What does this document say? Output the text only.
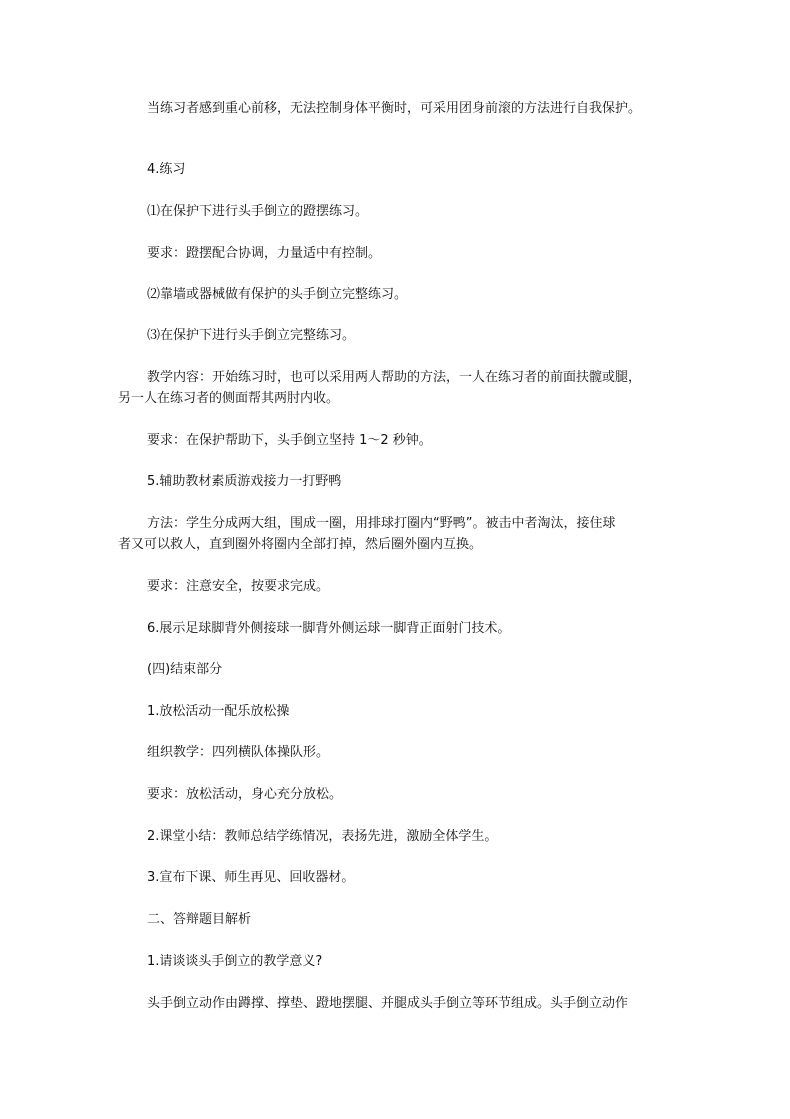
当练习者感到重心前移，无法控制身体平衡时，可采用团身前滚的方法进行自我保护。
4.练习
⑴在保护下进行头手倒立的蹬摆练习。
要求：蹬摆配合协调，力量适中有控制。
⑵靠墙或器械做有保护的头手倒立完整练习。
⑶在保护下进行头手倒立完整练习。
教学内容：开始练习时，也可以采用两人帮助的方法，一人在练习者的前面扶髋或腿，
另一人在练习者的侧面帮其两肘内收。
要求：在保护帮助下，头手倒立坚持 1～2 秒钟。
5.辅助教材素质游戏接力一打野鸭
方法：学生分成两大组，围成一圈，用排球打圈内“野鸭”。被击中者淘汰，接住球
者又可以救人，直到圈外将圈内全部打掉，然后圈外圈内互换。
要求：注意安全，按要求完成。
6.展示足球脚背外侧接球一脚背外侧运球一脚背正面射门技术。
(四)结束部分
1.放松活动一配乐放松操
组织教学：四列横队体操队形。
要求：放松活动，身心充分放松。
2.课堂小结：教师总结学练情况，表扬先进，激励全体学生。
3.宣布下课、师生再见、回收器材。
二、答辩题目解析
1.请谈谈头手倒立的教学意义?
头手倒立动作由蹲撑、撑垫、蹬地摆腿、并腿成头手倒立等环节组成。头手倒立动作
